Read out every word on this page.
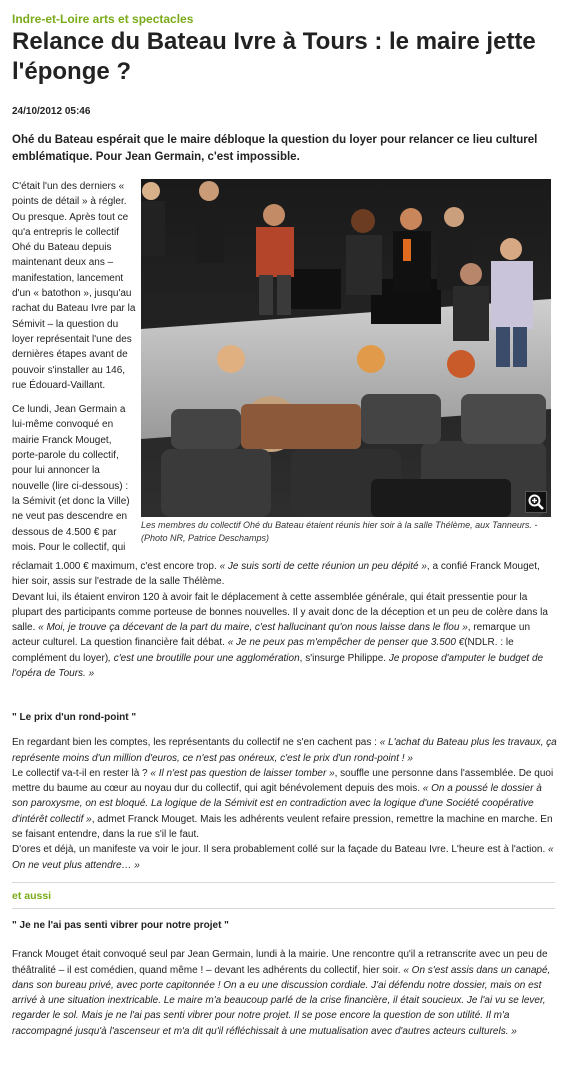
Indre-et-Loire arts et spectacles
Relance du Bateau Ivre à Tours : le maire jette l'éponge ?
24/10/2012 05:46

Ohé du Bateau espérait que le maire débloque la question du loyer pour relancer ce lieu culturel emblématique. Pour Jean Germain, c'est impossible.

C'était l'un des derniers « points de détail » à régler. Ou presque. Après tout ce qu'a entrepris le collectif Ohé du Bateau depuis maintenant deux ans – manifestation, lancement d'un « batothon », jusqu'au rachat du Bateau Ivre par la Sémivit – la question du loyer représentait l'une des dernières étapes avant de pouvoir s'installer au 146, rue Édouard-Vaillant.

Ce lundi, Jean Germain a lui-même convoqué en mairie Franck Mouget, porte-parole du collectif, pour lui annoncer la nouvelle (lire ci-dessous) : la Sémivit (et donc la Ville) ne veut pas descendre en dessous de 4.500 € par mois. Pour le collectif, qui

Les membres du collectif Ohé du Bateau étaient réunis hier soir à la salle Thélème, aux Tanneurs. - (Photo NR, Patrice Deschamps)

réclamait 1.000 € maximum, c'est encore trop. « Je suis sorti de cette réunion un peu dépité », a confié Franck Mouget, hier soir, assis sur l'estrade de la salle Thélème.

Devant lui, ils étaient environ 120 à avoir fait le déplacement à cette assemblée générale, qui était pressentie pour la plupart des participants comme porteuse de bonnes nouvelles. Il y avait donc de la déception et un peu de colère dans la salle. « Moi, je trouve ça décevant de la part du maire, c'est hallucinant qu'on nous laisse dans le flou », remarque un acteur culturel. La question financière fait débat. « Je ne peux pas m'empêcher de penser que 3.500 €(NDLR. : le complément du loyer), c'est une broutille pour une agglomération, s'insurge Philippe. Je propose d'amputer le budget de l'opéra de Tours. »

" Le prix d'un rond-point "

En regardant bien les comptes, les représentants du collectif ne s'en cachent pas : « L'achat du Bateau plus les travaux, ça représente moins d'un million d'euros, ce n'est pas onéreux, c'est le prix d'un rond-point ! »

Le collectif va-t-il en rester là ? « Il n'est pas question de laisser tomber », souffle une personne dans l'assemblée. De quoi mettre du baume au cœur au noyau dur du collectif, qui agit bénévolement depuis des mois. « On a poussé le dossier à son paroxysme, on est bloqué. La logique de la Sémivit est en contradiction avec la logique d'une Société coopérative d'intérêt collectif », admet Franck Mouget. Mais les adhérents veulent refaire pression, remettre la machine en marche. En se faisant entendre, dans la rue s'il le faut.

D'ores et déjà, un manifeste va voir le jour. Il sera probablement collé sur la façade du Bateau Ivre. L'heure est à l'action. « On ne veut plus attendre… »

et aussi

" Je ne l'ai pas senti vibrer pour notre projet "

Franck Mouget était convoqué seul par Jean Germain, lundi à la mairie. Une rencontre qu'il a retranscrite avec un peu de théâtralité – il est comédien, quand même ! – devant les adhérents du collectif, hier soir. « On s'est assis dans un canapé, dans son bureau privé, avec porte capitonnée ! On a eu une discussion cordiale. J'ai défendu notre dossier, mais on est arrivé à une situation inextricable. Le maire m'a beaucoup parlé de la crise financière, il était soucieux. Je l'ai vu se lever, regarder le sol. Mais je ne l'ai pas senti vibrer pour notre projet. Il se pose encore la question de son utilité. Il m'a raccompagné jusqu'à l'ascenseur et m'a dit qu'il réfléchissait à une mutualisation avec d'autres acteurs culturels. »
